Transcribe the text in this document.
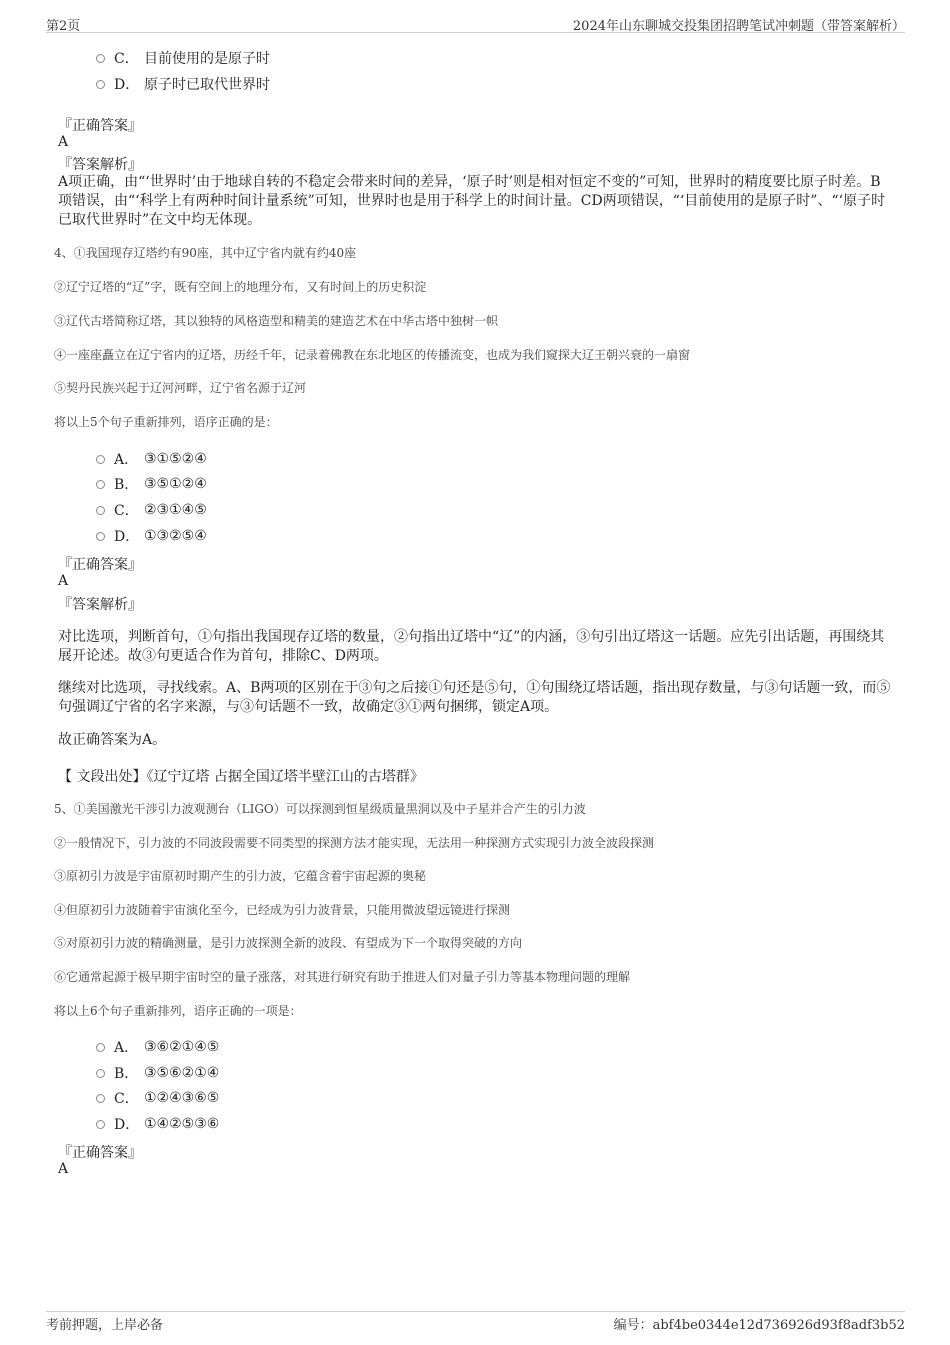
第2页	2024年山东聊城交投集团招聘笔试冲刺题（带答案解析）
C． 目前使用的是原子时
D． 原子时已取代世界时
『正确答案』
A
『答案解析』
A项正确，由“‘世界时’由于地球自转的不稳定会带来时间的差异，‘原子时’则是相对恒定不变的”可知，世界时的精度要比原子时差。B项错误，由“‘科学上有两种时间计量系统”可知，世界时也是用于科学上的时间计量。CD两项错误，“‘目前使用的是原子时”、“‘原子时已取代世界时”在文中均无体现。
4、①我国现存辽塔约有90座，其中辽宁省内就有约40座
②辽宁辽塔的“辽”字，既有空间上的地理分布，又有时间上的历史积淀
③辽代古塔简称辽塔，其以独特的风格造型和精美的建造艺术在中华古塔中独树一帜
④一座座矗立在辽宁省内的辽塔，历经千年，记录着佛教在东北地区的传播流变，也成为我们窥探大辽王朝兴衰的一扇窗
⑤契丹民族兴起于辽河河畔，辽宁省名源于辽河
将以上5个句子重新排列，语序正确的是：
A． ③①⑤②④
B． ③⑤①②④
C． ②③①④⑤
D． ①③②⑤④
『正确答案』
A
『答案解析』
对比选项，判断首句，①句指出我国现存辽塔的数量，②句指出辽塔中“辽”的内涵，③句引出辽塔这一话题。应先引出话题，再围绕其展开论述。故③句更适合作为首句，排除C、D两项。
继续对比选项，寻找线索。A、B两项的区别在于③句之后接①句还是⑤句，①句围绕辽塔话题，指出现存数量，与③句话题一致，而⑤句强调辽宁省的名字来源，与③句话题不一致，故确定③①两句捆绑，锁定A项。
故正确答案为A。
【 文段出处】《辽宁辽塔 占据全国辽塔半壁江山的古塔群》
5、①美国激光干涉引力波观测台（LIGO）可以探测到恒星级质量黑洞以及中子星并合产生的引力波
②一般情况下，引力波的不同波段需要不同类型的探测方法才能实现，无法用一种探测方式实现引力波全波段探测
③原初引力波是宇宙原初时期产生的引力波，它蕴含着宇宙起源的奥秘
④但原初引力波随着宇宙演化至今，已经成为引力波背景，只能用微波望远镜进行探测
⑤对原初引力波的精确测量，是引力波探测全新的波段、有望成为下一个取得突破的方向
⑥它通常起源于极早期宇宙时空的量子涨落，对其进行研究有助于推进人们对量子引力等基本物理问题的理解
将以上6个句子重新排列，语序正确的一项是：
A． ③⑥②①④⑤
B． ③⑤⑥②①④
C． ①②④③⑥⑤
D． ①④②⑤③⑥
『正确答案』
A
考前押题，上岸必备	编号：abf4be0344e12d736926d93f8adf3b52
